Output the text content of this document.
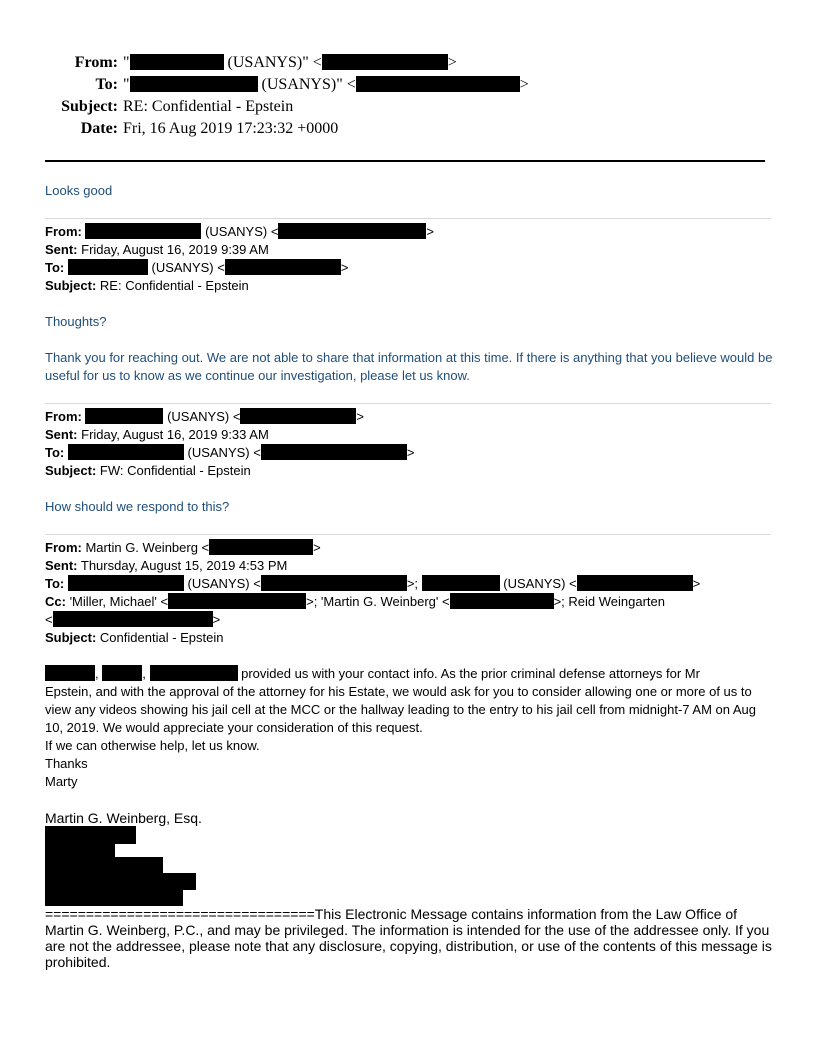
From: "	(USANYS)" <	>
To: "	(USANYS)" <	>
Subject: RE: Confidential - Epstein
Date: Fri, 16 Aug 2019 17:23:32 +0000
Looks good
From:	(USANYS) <	>
Sent: Friday, August 16, 2019 9:39 AM
To:	(USANYS) <	>
Subject: RE: Confidential - Epstein
Thoughts?
Thank you for reaching out. We are not able to share that information at this time. If there is anything that you believe would be useful for us to know as we continue our investigation, please let us know.
From:	(USANYS) <	>
Sent: Friday, August 16, 2019 9:33 AM
To:	(USANYS) <	>
Subject: FW: Confidential - Epstein
How should we respond to this?
From: Martin G. Weinberg <	>
Sent: Thursday, August 15, 2019 4:53 PM
To:	(USANYS) <	>;	(USANYS) <	>
Cc: 'Miller, Michael' <	>; 'Martin G. Weinberg' <	>; Reid Weingarten
<	>
Subject: Confidential - Epstein
,	,	provided us with your contact info. As the prior criminal defense attorneys for Mr
Epstein, and with the approval of the attorney for his Estate, we would ask for you to consider allowing one or more of us to view any videos showing his jail cell at the MCC or the hallway leading to the entry to his jail cell from midnight-7 AM on Aug 10, 2019. We would appreciate your consideration of this request.
If we can otherwise help, let us know.
Thanks
Marty
Martin G. Weinberg, Esq.
=================================This Electronic Message contains information from the Law Office of Martin G. Weinberg, P.C., and may be privileged. The information is intended for the use of the addressee only. If you are not the addressee, please note that any disclosure, copying, distribution, or use of the contents of this message is prohibited.
